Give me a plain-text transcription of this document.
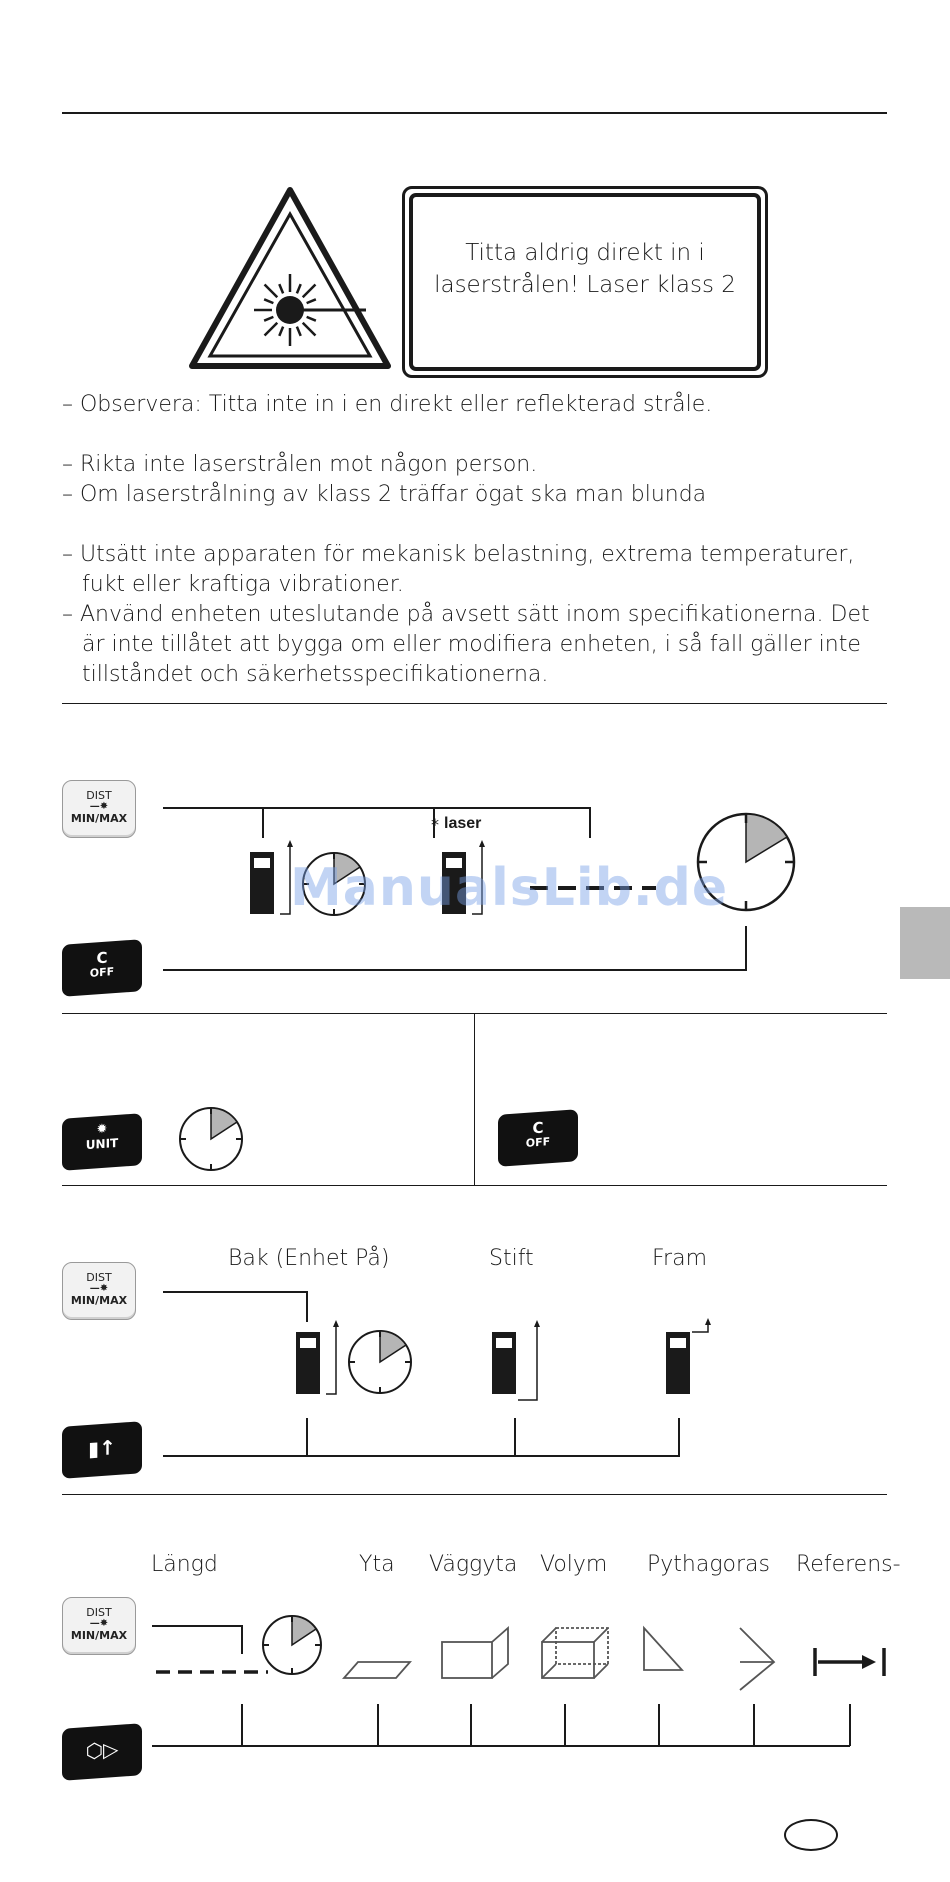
Titta aldrig direkt in i
laserstrålen! Laser klass 2
– Observera: Titta inte in i en direkt eller reflekterad stråle.
– Rikta inte laserstrålen mot någon person.
– Om laserstrålning av klass 2 träffar ögat ska man blunda
– Utsätt inte apparaten för mekanisk belastning, extrema temperaturer, fukt eller kraftiga vibrationer.
– Använd enheten uteslutande på avsett sätt inom specifikationerna. Det är inte tillåtet att bygga om eller modifiera enheten, i så fall gäller inte tillståndet och säkerhetsspecifikationerna.
DIST
—✸
MIN/MAX
C
OFF
laser
*
ManualsLib.de
✹
UNIT
C
OFF
Bak (Enhet På)	Stift	Fram
DIST
—✸
MIN/MAX
▮↑
Längd	Yta Väggyta Volym Pythagoras Referens-
DIST
—✸
MIN/MAX
⬡▷
